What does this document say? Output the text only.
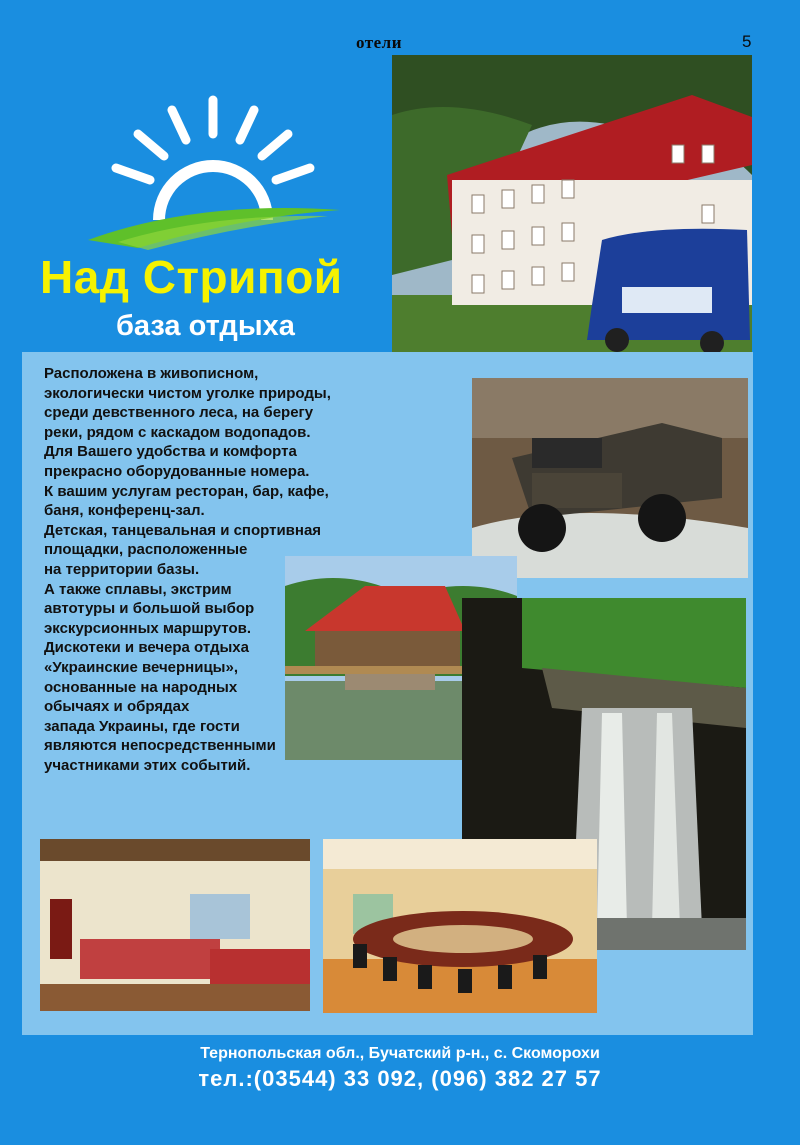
отели	5
Над Стрипой
база отдыха
Расположена в живописном,
экологически чистом уголке природы,
среди девственного леса, на берегу
реки, рядом с каскадом водопадов.
Для Вашего удобства и комфорта
прекрасно оборудованные номера.
К вашим услугам ресторан, бар, кафе,
баня, конференц-зал.
Детская, танцевальная и спортивная
площадки, расположенные
на территории базы.
А также сплавы, экстрим
автотуры и большой выбор
экскурсионных маршрутов.
Дискотеки и вечера отдыха
«Украинские вечерницы»,
основанные на народных
обычаях и обрядах
запада Украины, где гости
являются непосредственными
участниками этих событий.
Тернопольская обл., Бучатский р-н., с. Скоморохи
тел.:(03544) 33 092, (096) 382 27 57
